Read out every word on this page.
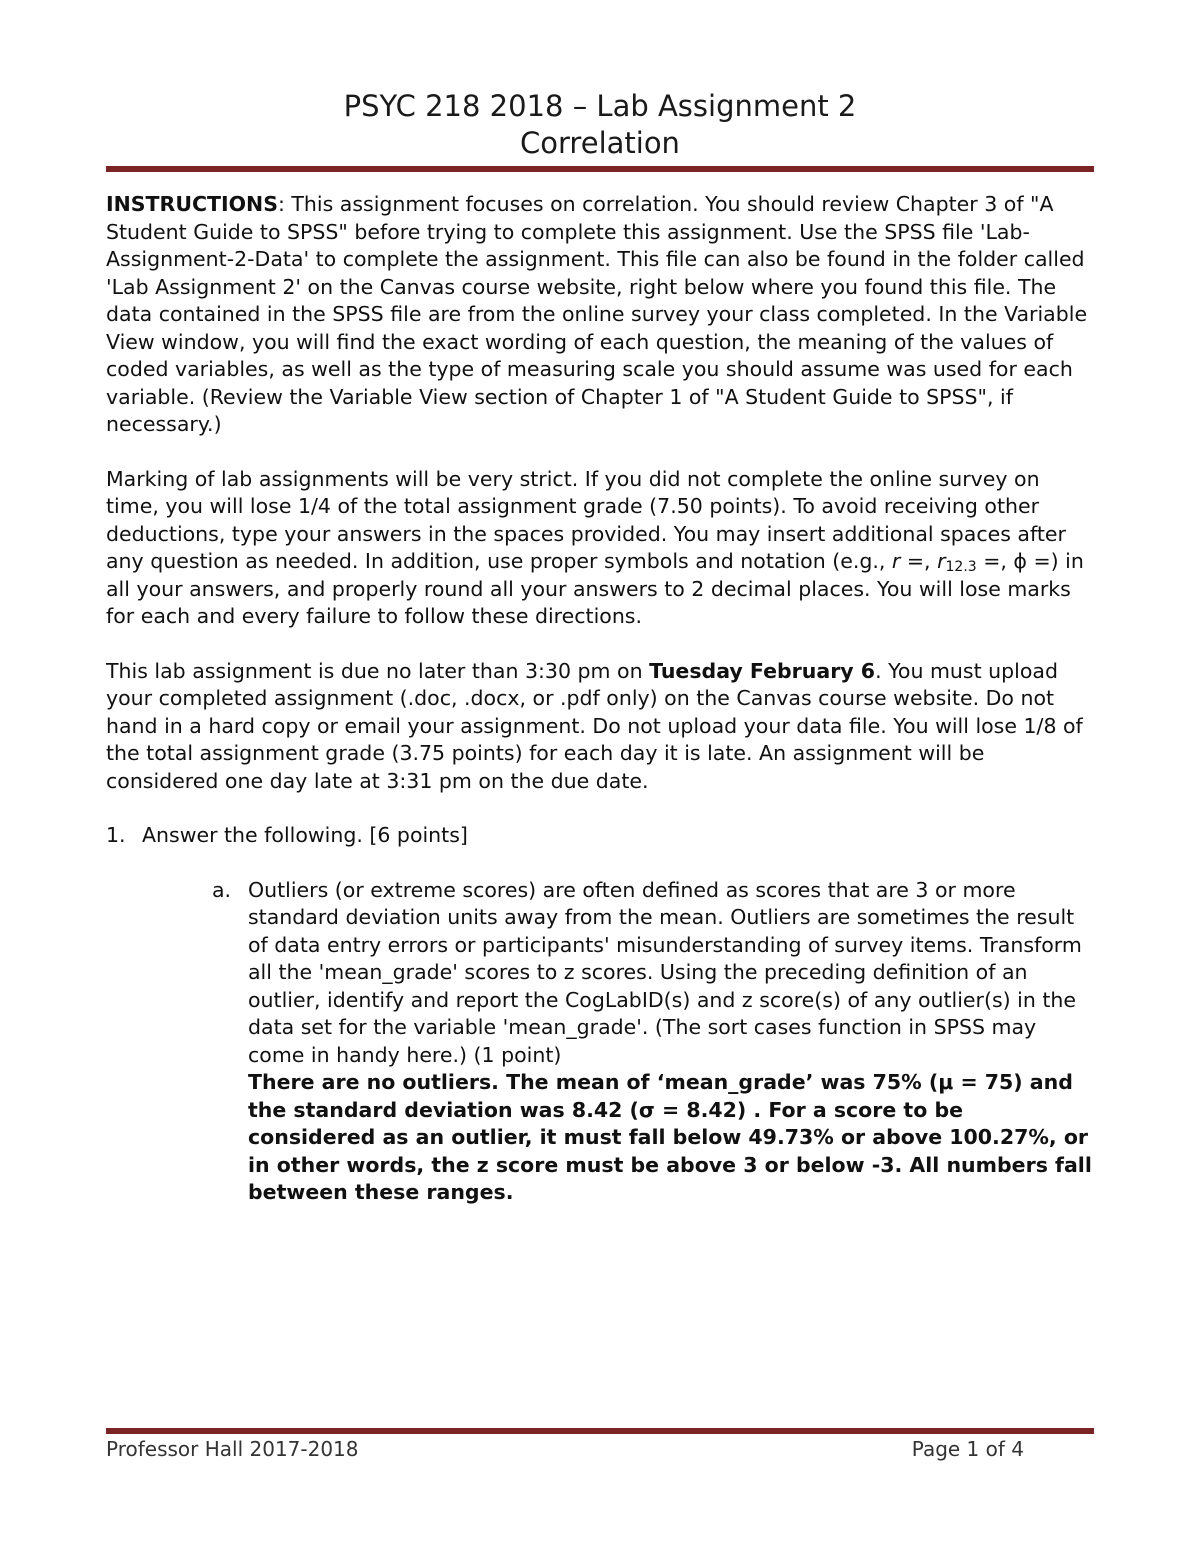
PSYC 218 2018 – Lab Assignment 2
Correlation

INSTRUCTIONS: This assignment focuses on correlation. You should review Chapter 3 of "A Student Guide to SPSS" before trying to complete this assignment. Use the SPSS file 'Lab-Assignment-2-Data' to complete the assignment. This file can also be found in the folder called 'Lab Assignment 2' on the Canvas course website, right below where you found this file. The data contained in the SPSS file are from the online survey your class completed. In the Variable View window, you will find the exact wording of each question, the meaning of the values of coded variables, as well as the type of measuring scale you should assume was used for each variable. (Review the Variable View section of Chapter 1 of "A Student Guide to SPSS", if necessary.)

Marking of lab assignments will be very strict. If you did not complete the online survey on time, you will lose 1/4 of the total assignment grade (7.50 points). To avoid receiving other deductions, type your answers in the spaces provided. You may insert additional spaces after any question as needed. In addition, use proper symbols and notation (e.g., r =, $r_{12.3}$ =, ϕ =) in all your answers, and properly round all your answers to 2 decimal places. You will lose marks for each and every failure to follow these directions.

This lab assignment is due no later than 3:30 pm on Tuesday February 6. You must upload your completed assignment (.doc, .docx, or .pdf only) on the Canvas course website. Do not hand in a hard copy or email your assignment. Do not upload your data file. You will lose 1/8 of the total assignment grade (3.75 points) for each day it is late. An assignment will be considered one day late at 3:31 pm on the due date.

1. Answer the following. [6 points]
a. Outliers (or extreme scores) are often defined as scores that are 3 or more standard deviation units away from the mean. Outliers are sometimes the result of data entry errors or participants' misunderstanding of survey items. Transform all the 'mean_grade' scores to z scores. Using the preceding definition of an outlier, identify and report the CogLabID(s) and z score(s) of any outlier(s) in the data set for the variable 'mean_grade'. (The sort cases function in SPSS may come in handy here.) (1 point)
There are no outliers. The mean of ‘mean_grade’ was 75% (μ = 75) and the standard deviation was 8.42 (σ = 8.42) . For a score to be considered as an outlier, it must fall below 49.73% or above 100.27%, or in other words, the z score must be above 3 or below -3. All numbers fall between these ranges.
Professor Hall 2017-2018	Page 1 of 4
